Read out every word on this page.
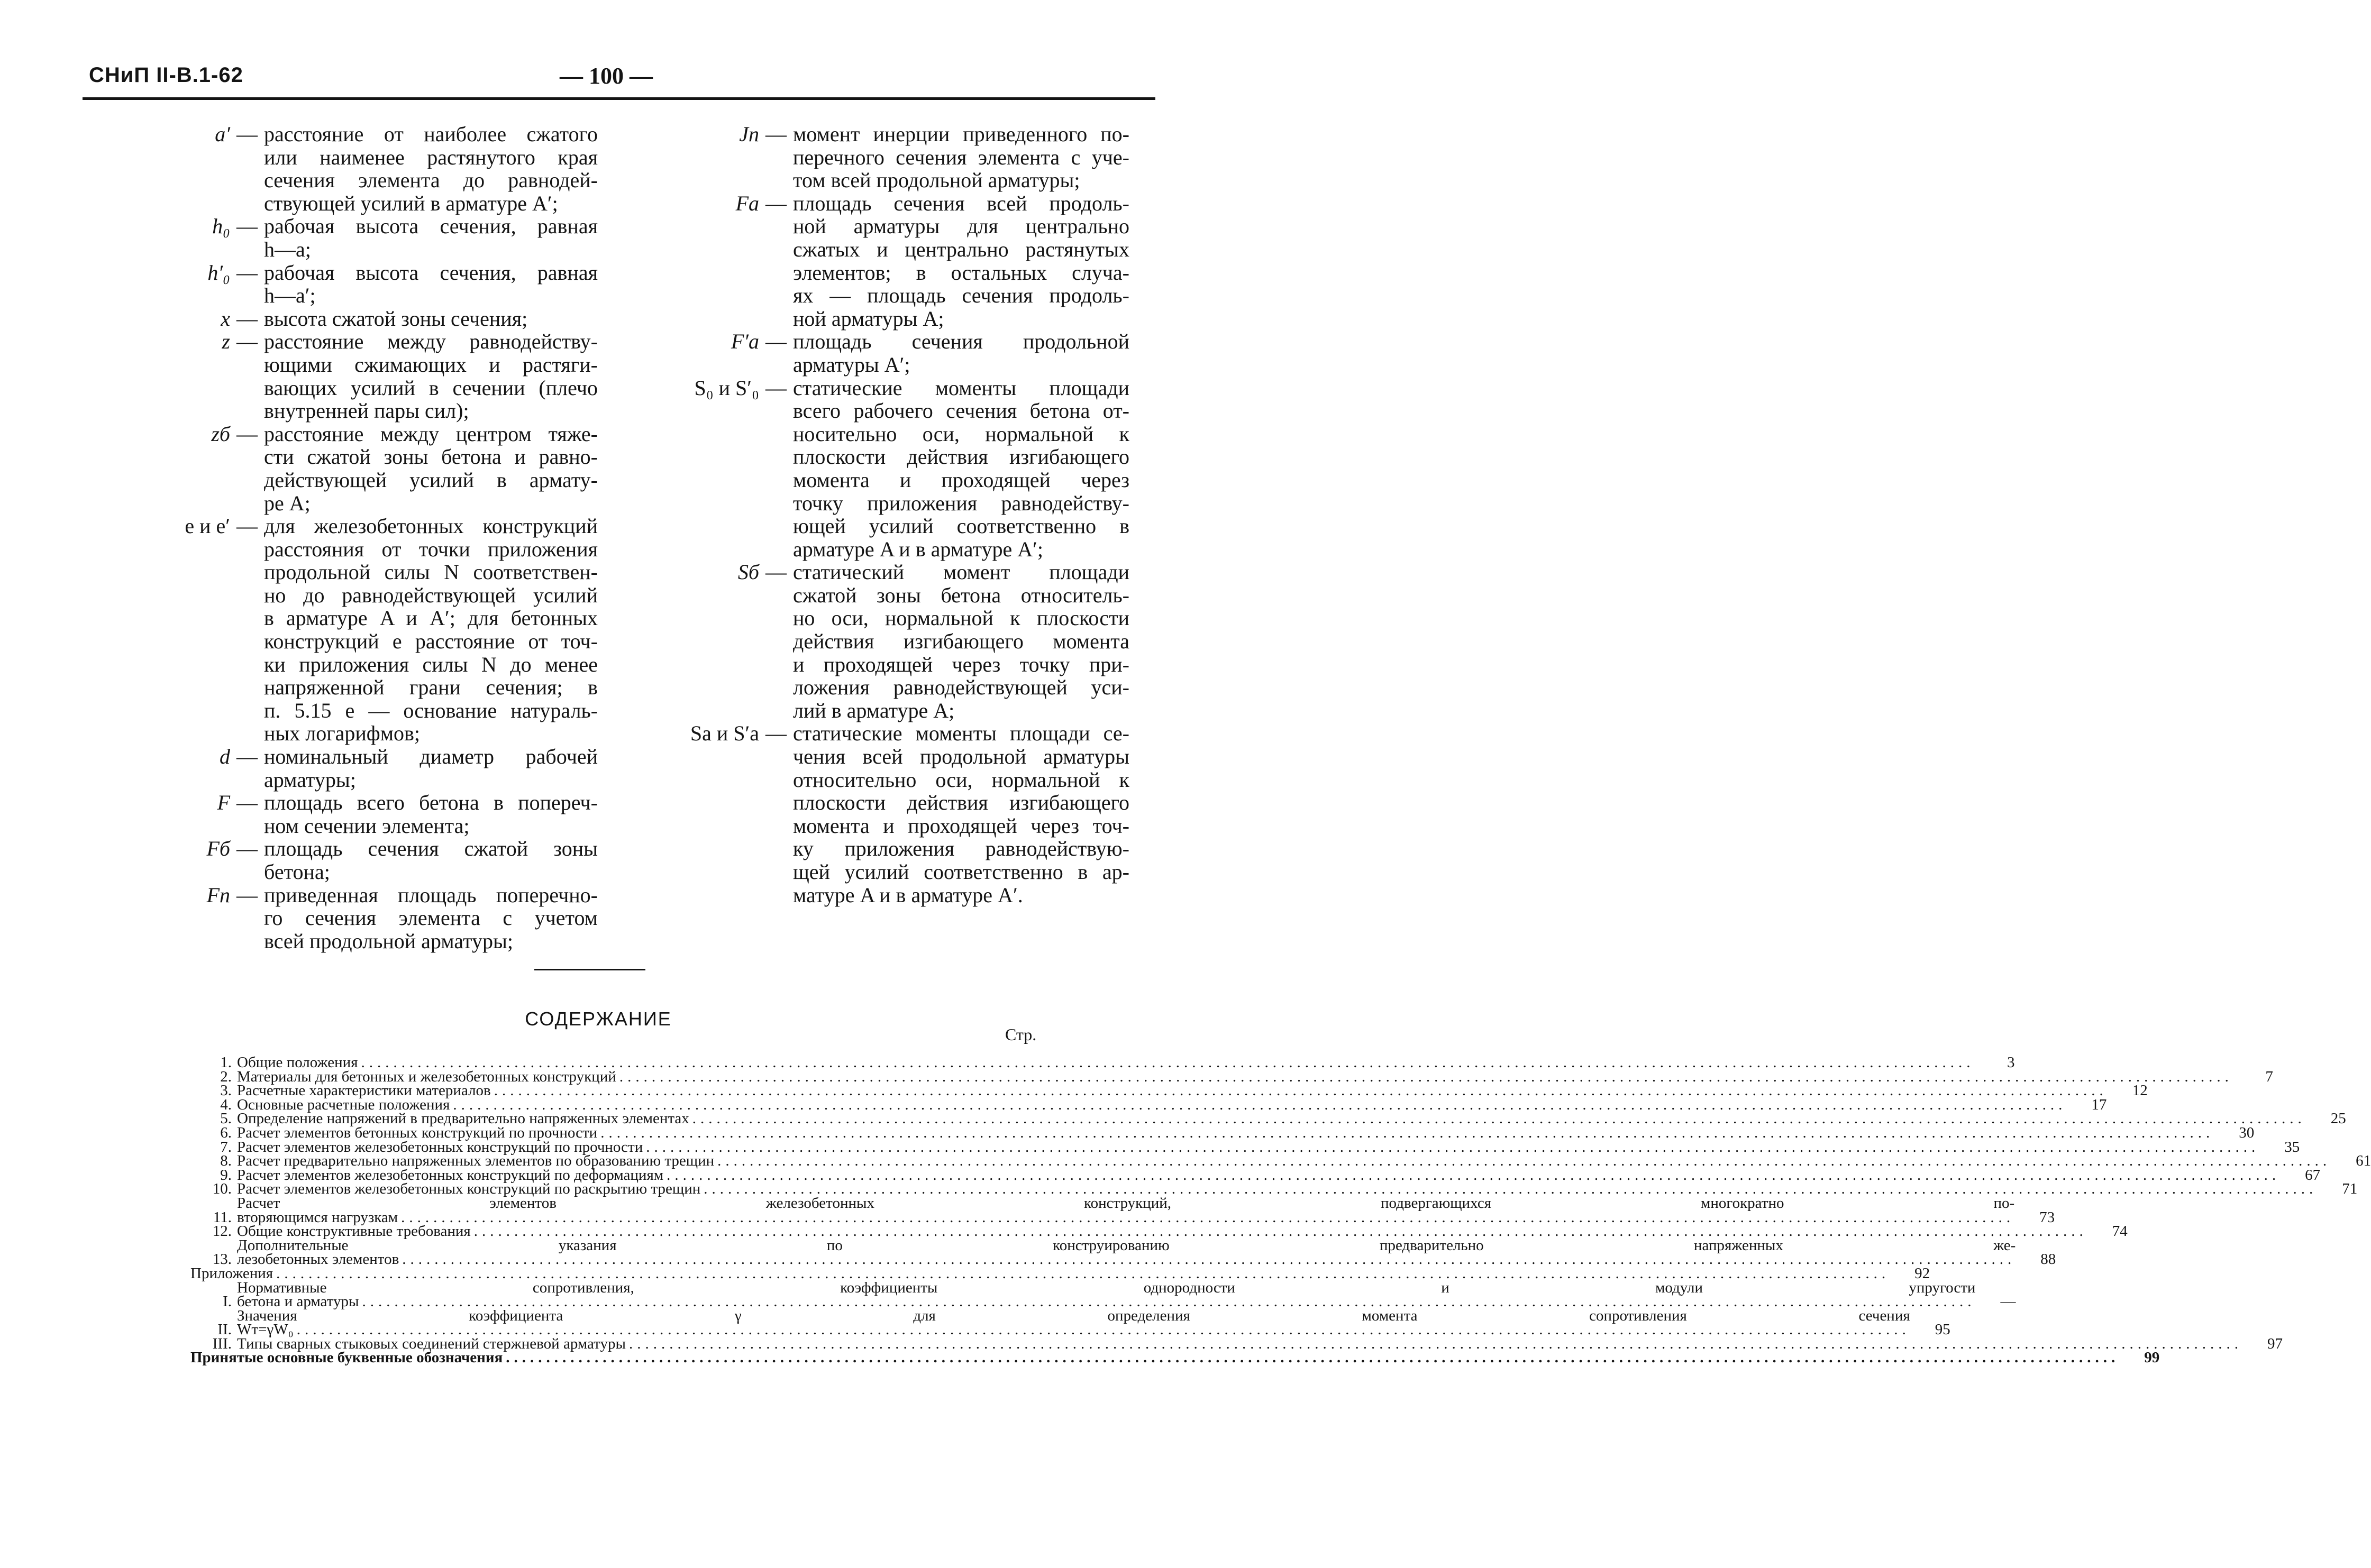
СНиП II-В.1-62	— 100 —
a′ — расстояние от наиболее сжатого
или наименее растянутого края
сечения элемента до равнодей-
ствующей усилий в арматуре A′;
h₀ — рабочая высота сечения, равная
h—a;
h′₀ — рабочая высота сечения, равная
h—a′;
x — высота сжатой зоны сечения;
z — расстояние между равнодейству-
ющими сжимающих и растяги-
вающих усилий в сечении (плечо
внутренней пары сил);
zб — расстояние между центром тяже-
сти сжатой зоны бетона и равно-
действующей усилий в армату-
ре A;
e и e′ — для железобетонных конструкций
расстояния от точки приложения
продольной силы N соответствен-
но до равнодействующей усилий
в арматуре A и A′; для бетонных
конструкций e расстояние от точ-
ки приложения силы N до менее
напряженной грани сечения; в
п. 5.15 e — основание натураль-
ных логарифмов;
d — номинальный диаметр рабочей
арматуры;
F — площадь всего бетона в попереч-
ном сечении элемента;
Fб — площадь сечения сжатой зоны
бетона;
Fп — приведенная площадь поперечно-
го сечения элемента с учетом
всей продольной арматуры;
Jп — момент инерции приведенного по-
перечного сечения элемента с уче-
том всей продольной арматуры;
Fа — площадь сечения всей продоль-
ной арматуры для центрально
сжатых и центрально растянутых
элементов; в остальных случа-
ях — площадь сечения продоль-
ной арматуры A;
F′а — площадь сечения продольной
арматуры A′;
S₀ и S′₀ — статические моменты площади
всего рабочего сечения бетона от-
носительно оси, нормальной к
плоскости действия изгибающего
момента и проходящей через
точку приложения равнодейству-
ющей усилий соответственно в
арматуре A и в арматуре A′;
Sб — статический момент площади
сжатой зоны бетона относитель-
но оси, нормальной к плоскости
действия изгибающего момента
и проходящей через точку при-
ложения равнодействующей уси-
лий в арматуре A;
Sа и S′а — статические моменты площади се-
чения всей продольной арматуры
относительно оси, нормальной к
плоскости действия изгибающего
момента и проходящей через точ-
ку приложения равнодействую-
щей усилий соответственно в ар-
матуре A и в арматуре A′.
СОДЕРЖАНИЕ
Стр.
1. Общие положения ........................................................................................................................................................................................................	3
2. Материалы для бетонных и железобетонных конструкций ........................................................................................................................................................................................................	7
3. Расчетные характеристики материалов ........................................................................................................................................................................................................	12
4. Основные расчетные положения ........................................................................................................................................................................................................	17
5. Определение напряжений в предварительно напряженных элементах ........................................................................................................................................................................................................	25
6. Расчет элементов бетонных конструкций по прочности ........................................................................................................................................................................................................	30
7. Расчет элементов железобетонных конструкций по прочности ........................................................................................................................................................................................................	35
8. Расчет предварительно напряженных элементов по образованию трещин ........................................................................................................................................................................................................	61
9. Расчет элементов железобетонных конструкций по деформациям ........................................................................................................................................................................................................	67
10. Расчет элементов железобетонных конструкций по раскрытию трещин ........................................................................................................................................................................................................	71
11.
Расчет элементов железобетонных конструкций, подвергающихся многократно по-
вторяющимся нагрузкам ........................................................................................................................................................................................................	73
12. Общие конструктивные требования ........................................................................................................................................................................................................	74
13.
Дополнительные указания по конструированию предварительно напряженных же-
лезобетонных элементов ........................................................................................................................................................................................................	88
Приложения ........................................................................................................................................................................................................	92
I.
Нормативные сопротивления, коэффициенты однородности и модули упругости
бетона и арматуры ........................................................................................................................................................................................................	—
II.
Значения коэффициента γ для определения момента сопротивления сечения
Wт=γW₀ ........................................................................................................................................................................................................	95
III. Типы сварных стыковых соединений стержневой арматуры ........................................................................................................................................................................................................	97
Принятые основные буквенные обозначения ........................................................................................................................................................................................................	99
